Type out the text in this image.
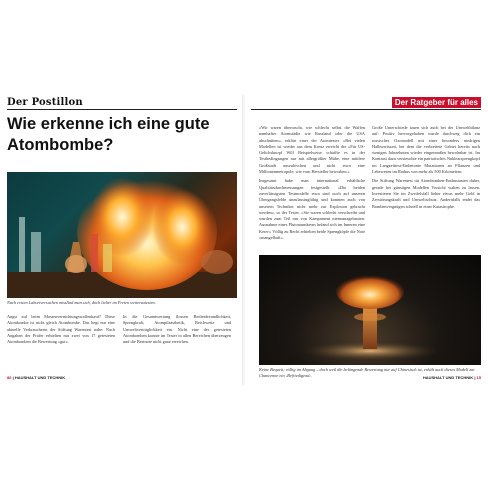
Der Postillon
Wie erkenne ich eine gute Atombombe?
Nach ersten Labortversuchen misslind man sich, doch lieber im Freien weiterzutesten.
Angst auf beim Massenvernichtungswaffenkauf? Diese Atombombe ist nicht gleich Atombombe. Das liegt nur eine aktuelle Verbraucherin der Stiftung Warentest nahe: Nach Angaben der Prüfer erhielten nur zwei von 17 getesteten Atombomben die Bewertung »gut«.
In die Gesamtwertung flossen Bedienfreundlichkeit, Sprengkraft, Atompilzästhetik, Reichweite und Umweltverträglichkeit ein. Nicht eine der getesteten Atombomben konnte im Tester in allen Bereichen überzeugen und die Bestnote nicht ganz erreichen.
86 | HAUSHALT UND TECHNIK
Der Ratgeber für alles

»Wir waren überrascht, wie schlecht selbst die Waffen namhafter Atomstädte wie Russland oder die USA abschnitten«, erklärt einer der Atomtester. »Bei vielen Modellen ist wieder aus dem Kreuz erreicht die »Für US-Gelichsknopf Will Beispielweise schaffte es in der Testbedingungen nur mit allergrößter Mühe, eine mittlere Großstadt auszulöschen und nicht etwa eine Millionenmetropole, wie vom Hersteller beworben.«

Insgesamt habe man international erhältliche Qualitätsdurchmessungen festgestellt. »Die beiden zuverlässigsten Testmodelle etwa sind noch auf unseren Übergangsfelde unzulassingfähig und konnten auch von unserem Techniker nicht mehr zur Explosion gebracht werden«, so der Tester. »Sie waren schlecht verschreibt und wurden zum Teil nur von Kampament niemanragebauten. Ausnahme eines Plutoniumkerns befand sich im Inneren eine Kern-« Völlig zu Recht erhielten beide Sprengköpfe die Note »mangelhaft«.

Große Unterschiede tauen sich auch bei der Umweltbilanz auf: Positiv hervorgehoben wurde durchweg dich ein russisches Oxomodell mit einer besonders niedrigen Halbwertszeit, bei dem die verbreitete Gebiet bereits nach wenigen Jahrzehnten wieder eingermaßen bewohnbar ist. Im Kontrast dazu versteuchte ein patriotisches Nuklearsprengkopf im Langzeittest-Einbetonte Mutationen an Pflanzen und Lebewesen im Radius von mehr als 500 Kilometern.

Die Stiftung Warentest rät Atombomben-Enthusiasten daher, gerade bei günstigen Modellen Vorsicht walten zu lassen. Investieren Sie im Zweifelsfall lieber etwas mehr Geld in Zerstörungskraft und Umweltschutz. Andernfalls endet das Bombenvergnügen schnell in einer Katastrophe.

Keine Bequeti; völlig im Abgang – doch weil die belängende Bewertung nur auf Chinesisch ist, erhält auch dieses Modell zur Chancenne ein ›Befriedigend‹.	HAUSHALT UND TECHNIK | 15
